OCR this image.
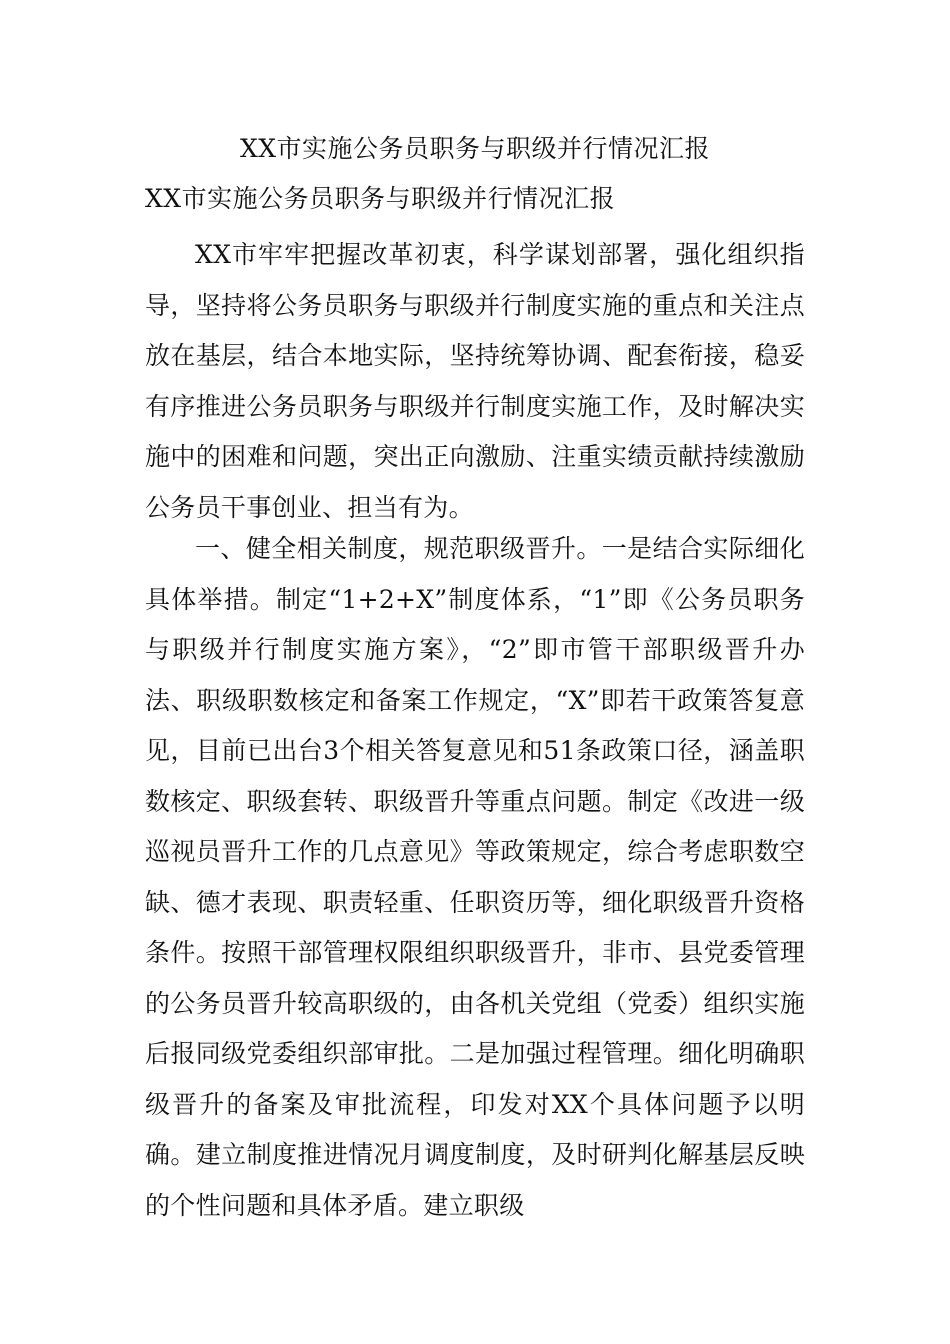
XX市实施公务员职务与职级并行情况汇报
XX市实施公务员职务与职级并行情况汇报

XX市牢牢把握改革初衷，科学谋划部署，强化组织指导，坚持将公务员职务与职级并行制度实施的重点和关注点放在基层，结合本地实际，坚持统筹协调、配套衔接，稳妥有序推进公务员职务与职级并行制度实施工作，及时解决实施中的困难和问题，突出正向激励、注重实绩贡献持续激励公务员干事创业、担当有为。

一、健全相关制度，规范职级晋升。一是结合实际细化具体举措。制定“1+2+X”制度体系，“1”即《公务员职务与职级并行制度实施方案》，“2”即市管干部职级晋升办法、职级职数核定和备案工作规定，“X”即若干政策答复意见，目前已出台3个相关答复意见和51条政策口径，涵盖职数核定、职级套转、职级晋升等重点问题。制定《改进一级巡视员晋升工作的几点意见》等政策规定，综合考虑职数空缺、德才表现、职责轻重、任职资历等，细化职级晋升资格条件。按照干部管理权限组织职级晋升，非市、县党委管理的公务员晋升较高职级的，由各机关党组（党委）组织实施后报同级党委组织部审批。二是加强过程管理。细化明确职级晋升的备案及审批流程，印发对XX个具体问题予以明确。建立制度推进情况月调度制度，及时研判化解基层反映的个性问题和具体矛盾。建立职级
